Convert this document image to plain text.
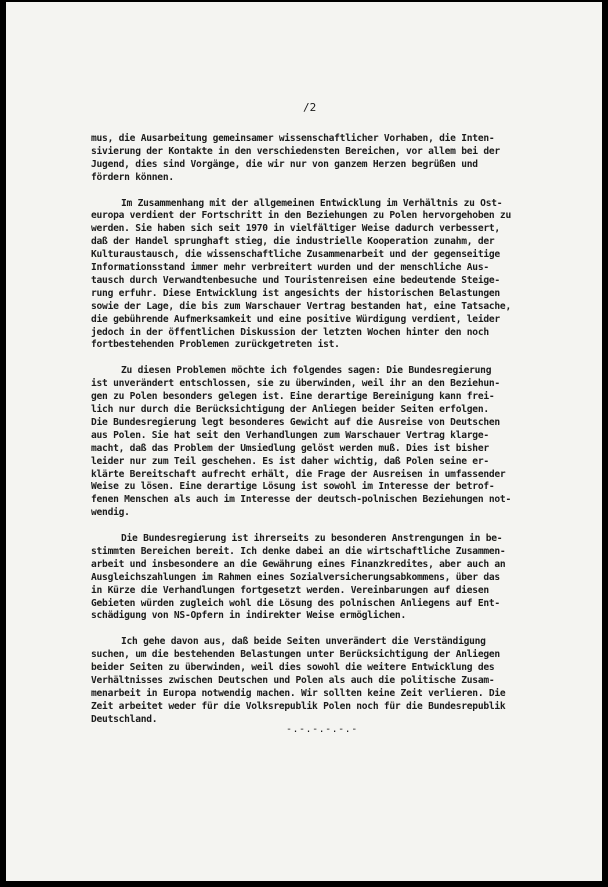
/2
mus, die Ausarbeitung gemeinsamer wissenschaftlicher Vorhaben, die Inten-
sivierung der Kontakte in den verschiedensten Bereichen, vor allem bei der
Jugend, dies sind Vorgänge, die wir nur von ganzem Herzen begrüßen und
fördern können.
Im Zusammenhang mit der allgemeinen Entwicklung im Verhältnis zu Ost-
europa verdient der Fortschritt in den Beziehungen zu Polen hervorgehoben zu
werden. Sie haben sich seit 1970 in vielfältiger Weise dadurch verbessert,
daß der Handel sprunghaft stieg, die industrielle Kooperation zunahm, der
Kulturaustausch, die wissenschaftliche Zusammenarbeit und der gegenseitige
Informationsstand immer mehr verbreitert wurden und der menschliche Aus-
tausch durch Verwandtenbesuche und Touristenreisen eine bedeutende Steige-
rung erfuhr. Diese Entwicklung ist angesichts der historischen Belastungen
sowie der Lage, die bis zum Warschauer Vertrag bestanden hat, eine Tatsache,
die gebührende Aufmerksamkeit und eine positive Würdigung verdient, leider
jedoch in der öffentlichen Diskussion der letzten Wochen hinter den noch
fortbestehenden Problemen zurückgetreten ist.
Zu diesen Problemen möchte ich folgendes sagen: Die Bundesregierung
ist unverändert entschlossen, sie zu überwinden, weil ihr an den Beziehun-
gen zu Polen besonders gelegen ist. Eine derartige Bereinigung kann frei-
lich nur durch die Berücksichtigung der Anliegen beider Seiten erfolgen.
Die Bundesregierung legt besonderes Gewicht auf die Ausreise von Deutschen
aus Polen. Sie hat seit den Verhandlungen zum Warschauer Vertrag klarge-
macht, daß das Problem der Umsiedlung gelöst werden muß. Dies ist bisher
leider nur zum Teil geschehen. Es ist daher wichtig, daß Polen seine er-
klärte Bereitschaft aufrecht erhält, die Frage der Ausreisen in umfassender
Weise zu lösen. Eine derartige Lösung ist sowohl im Interesse der betrof-
fenen Menschen als auch im Interesse der deutsch-polnischen Beziehungen not-
wendig.
Die Bundesregierung ist ihrerseits zu besonderen Anstrengungen in be-
stimmten Bereichen bereit. Ich denke dabei an die wirtschaftliche Zusammen-
arbeit und insbesondere an die Gewährung eines Finanzkredites, aber auch an
Ausgleichszahlungen im Rahmen eines Sozialversicherungsabkommens, über das
in Kürze die Verhandlungen fortgesetzt werden. Vereinbarungen auf diesen
Gebieten würden zugleich wohl die Lösung des polnischen Anliegens auf Ent-
schädigung von NS-Opfern in indirekter Weise ermöglichen.
Ich gehe davon aus, daß beide Seiten unverändert die Verständigung
suchen, um die bestehenden Belastungen unter Berücksichtigung der Anliegen
beider Seiten zu überwinden, weil dies sowohl die weitere Entwicklung des
Verhältnisses zwischen Deutschen und Polen als auch die politische Zusam-
menarbeit in Europa notwendig machen. Wir sollten keine Zeit verlieren. Die
Zeit arbeitet weder für die Volksrepublik Polen noch für die Bundesrepublik
Deutschland.
-.-.-.-.-.-
